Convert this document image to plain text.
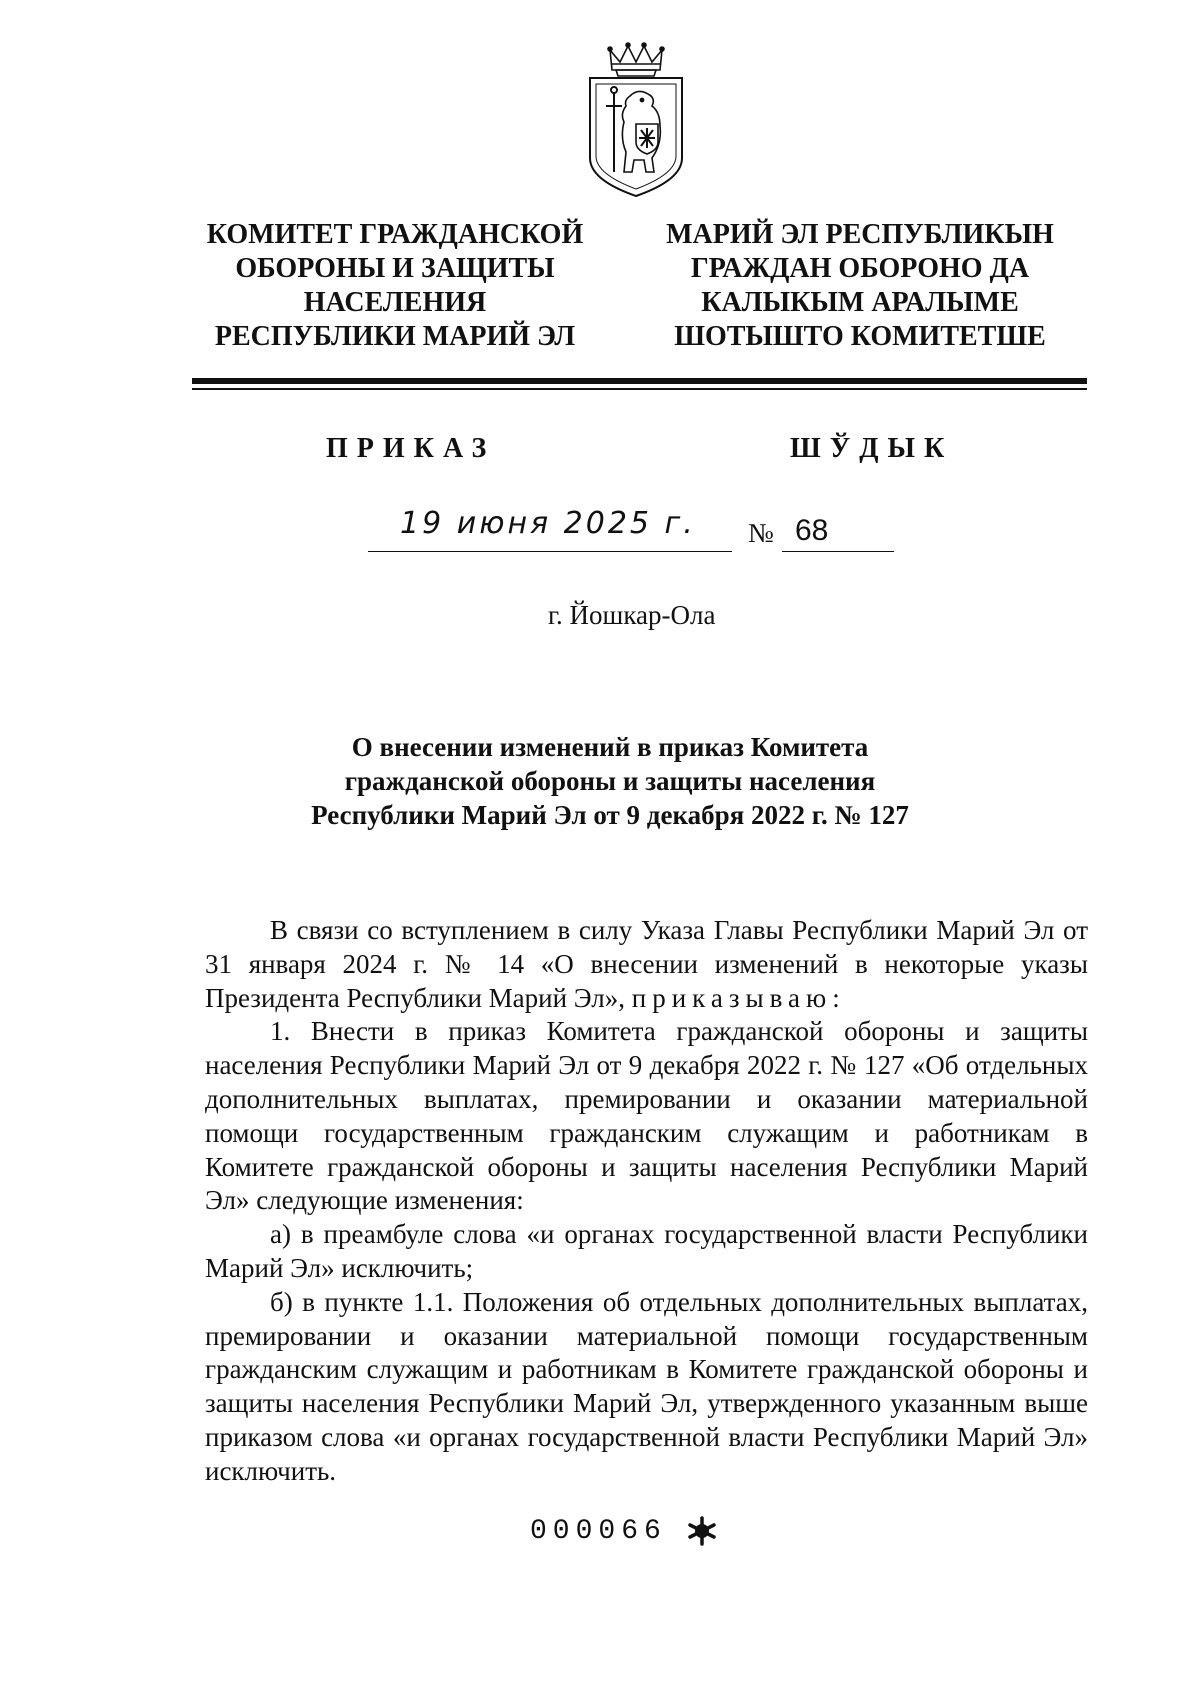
КОМИТЕТ ГРАЖДАНСКОЙ
ОБОРОНЫ И ЗАЩИТЫ
НАСЕЛЕНИЯ
РЕСПУБЛИКИ МАРИЙ ЭЛ
МАРИЙ ЭЛ РЕСПУБЛИКЫН
ГРАЖДАН ОБОРОНО ДА
КАЛЫКЫМ АРАЛЫМЕ
ШОТЫШТО КОМИТЕТШЕ
ПРИКАЗ	ШЎДЫК
19 июня 2025 г. № 68
г. Йошкар-Ола
О внесении изменений в приказ Комитета
гражданской обороны и защиты населения
Республики Марий Эл от 9 декабря 2022 г. № 127
В связи со вступлением в силу Указа Главы Республики Марий Эл от 31 января 2024 г. № 14 «О внесении изменений в некоторые указы Президента Республики Марий Эл», приказываю:
1. Внести в приказ Комитета гражданской обороны и защиты населения Республики Марий Эл от 9 декабря 2022 г. № 127 «Об отдельных дополнительных выплатах, премировании и оказании материальной помощи государственным гражданским служащим и работникам в Комитете гражданской обороны и защиты населения Республики Марий Эл» следующие изменения:
а) в преамбуле слова «и органах государственной власти Республики Марий Эл» исключить;
б) в пункте 1.1. Положения об отдельных дополнительных выплатах, премировании и оказании материальной помощи государственным гражданским служащим и работникам в Комитете гражданской обороны и защиты населения Республики Марий Эл, утвержденного указанным выше приказом слова «и органах государственной власти Республики Марий Эл» исключить.
000066
